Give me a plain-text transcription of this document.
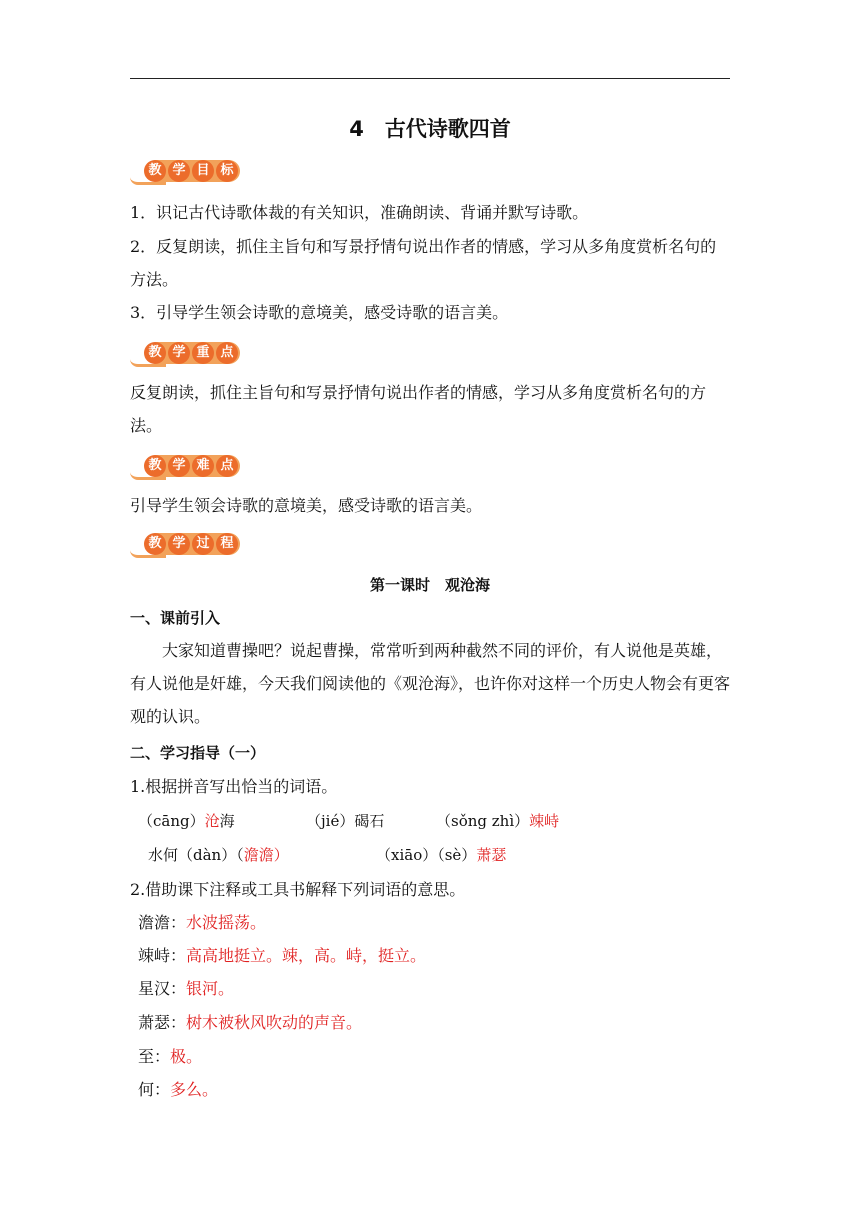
4　古代诗歌四首
教 学 目 标
1．识记古代诗歌体裁的有关知识，准确朗读、背诵并默写诗歌。
2．反复朗读，抓住主旨句和写景抒情句说出作者的情感，学习从多角度赏析名句的方法。
3．引导学生领会诗歌的意境美，感受诗歌的语言美。
教 学 重 点
反复朗读，抓住主旨句和写景抒情句说出作者的情感，学习从多角度赏析名句的方法。
教 学 难 点
引导学生领会诗歌的意境美，感受诗歌的语言美。
教 学 过 程
第一课时　观沧海
一、课前引入
大家知道曹操吧？说起曹操，常常听到两种截然不同的评价，有人说他是英雄，有人说他是奸雄，今天我们阅读他的《观沧海》，也许你对这样一个历史人物会有更客观的认识。
二、学习指导（一）
1.根据拼音写出恰当的词语。
（cāng）沧海	（jié）碣石	（sǒng zhì）竦峙
水何（dàn）（澹澹）	（xiāo）（sè）萧瑟
2.借助课下注释或工具书解释下列词语的意思。
澹澹：水波摇荡。
竦峙：高高地挺立。竦，高。峙，挺立。
星汉：银河。
萧瑟：树木被秋风吹动的声音。
至：极。
何：多么。
